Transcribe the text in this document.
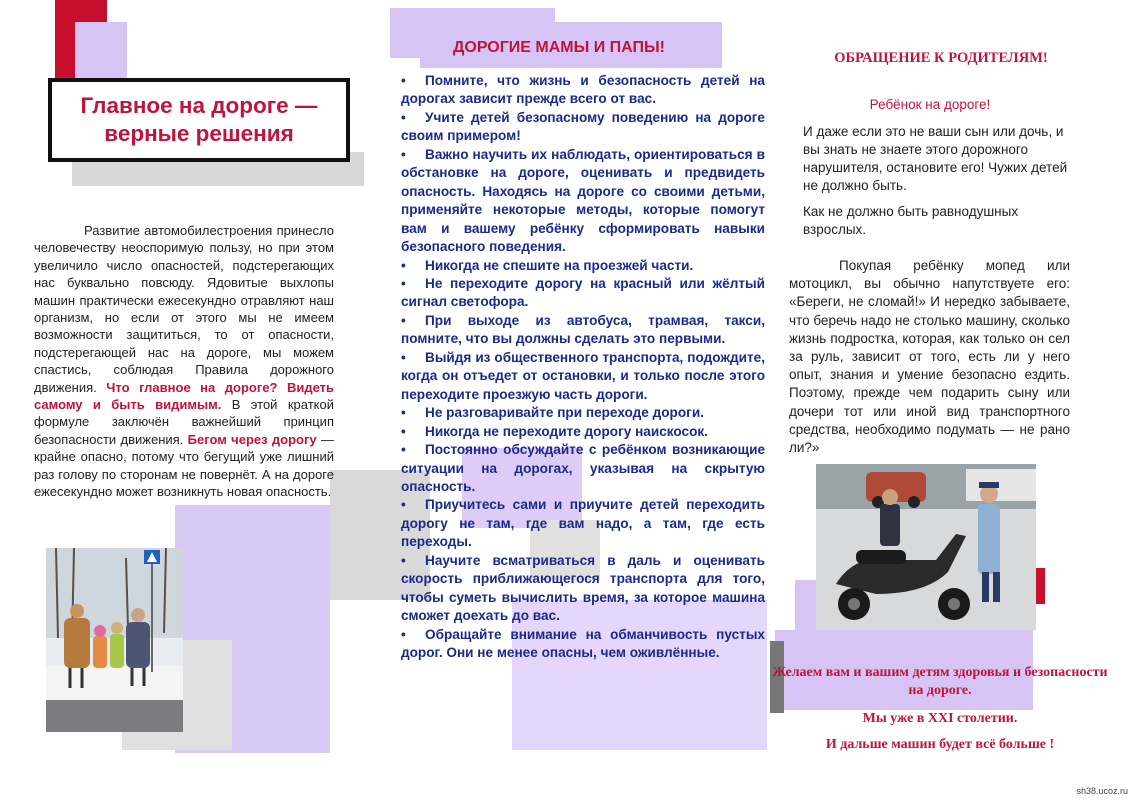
Главное на дороге — верные решения
Развитие автомобилестроения принесло человечеству неоспоримую пользу, но при этом увеличило число опасностей, подстерегающих нас буквально повсюду. Ядовитые выхлопы машин практически ежесекундно отравляют наш организм, но если от этого мы не имеем возможности защититься, то от опасности, подстерегающей нас на дороге, мы можем спастись, соблюдая Правила дорожного движения. Что главное на дороге? Видеть самому и быть видимым. В этой краткой формуле заключён важнейший принцип безопасности движения. Бегом через дорогу — крайне опасно, потому что бегущий уже лишний раз голову по сторонам не повернёт. А на дороге ежесекундно может возникнуть новая опасность.
ДОРОГИЕ МАМЫ И ПАПЫ!
• Помните, что жизнь и безопасность детей на дорогах зависит прежде всего от вас.
• Учите детей безопасному поведению на дороге своим примером!
• Важно научить их наблюдать, ориентироваться в обстановке на дороге, оценивать и предвидеть опасность. Находясь на дороге со своими детьми, применяйте некоторые методы, которые помогут вам и вашему ребёнку сформировать навыки безопасного поведения.
• Никогда не спешите на проезжей части.
• Не переходите дорогу на красный или жёлтый сигнал светофора.
• При выходе из автобуса, трамвая, такси, помните, что вы должны сделать это первыми.
• Выйдя из общественного транспорта, подождите, когда он отъедет от остановки, и только после этого переходите проезжую часть дороги.
• Не разговаривайте при переходе дороги.
• Никогда не переходите дорогу наискосок.
• Постоянно обсуждайте с ребёнком возникающие ситуации на дорогах, указывая на скрытую опасность.
• Приучитесь сами и приучите детей переходить дорогу не там, где вам надо, а там, где есть переходы.
• Научите всматриваться в даль и оценивать скорость приближающегося транспорта для того, чтобы суметь вычислить время, за которое машина сможет доехать до вас.
• Обращайте внимание на обманчивость пустых дорог. Они не менее опасны, чем оживлённые.
ОБРАЩЕНИЕ К РОДИТЕЛЯМ!
Ребёнок на дороге!
И даже если это не ваши сын или дочь, и вы знать не знаете этого дорожного нарушителя, остановите его! Чужих детей не должно быть.
Как не должно быть равнодушных взрослых.
Покупая ребёнку мопед или мотоцикл, вы обычно напутствуете его: «Береги, не сломай!» И нередко забываете, что беречь надо не столько машину, сколько жизнь подростка, которая, как только он сел за руль, зависит от того, есть ли у него опыт, знания и умение безопасно ездить. Поэтому, прежде чем подарить сыну или дочери тот или иной вид транспортного средства, необходимо подумать — не рано ли?»
Желаем вам и вашим детям здоровья и безопасности на дороге.
Мы уже в XXI столетии.
И дальше машин будет всё больше !
sh38.ucoz.ru
